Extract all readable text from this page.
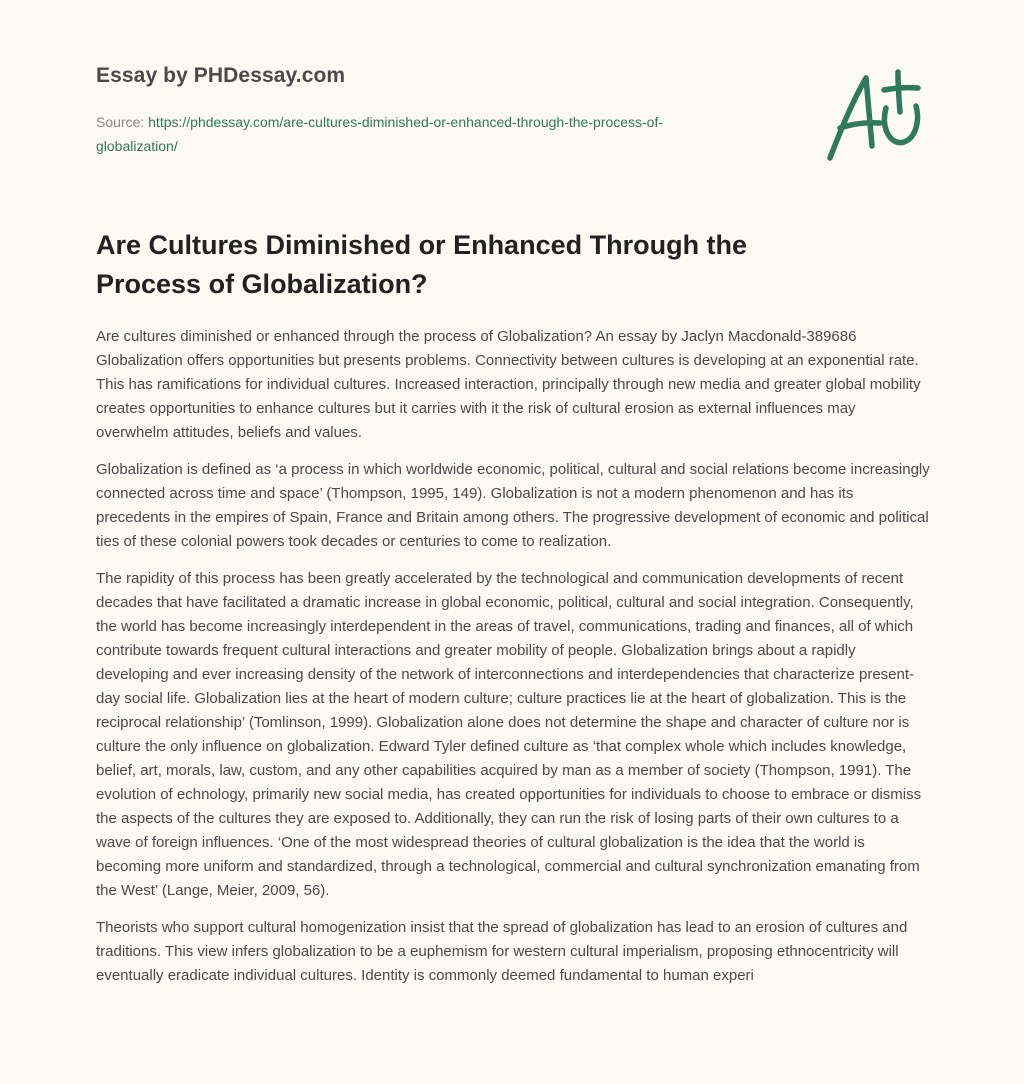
Essay by PHDessay.com
Source: https://phdessay.com/are-cultures-diminished-or-enhanced-through-the-process-of-globalization/
Are Cultures Diminished or Enhanced Through the Process of Globalization?

Are cultures diminished or enhanced through the process of Globalization? An essay by Jaclyn Macdonald-389686 Globalization offers opportunities but presents problems. Connectivity between cultures is developing at an exponential rate. This has ramifications for individual cultures. Increased interaction, principally through new media and greater global mobility creates opportunities to enhance cultures but it carries with it the risk of cultural erosion as external influences may overwhelm attitudes, beliefs and values.

Globalization is defined as ‘a process in which worldwide economic, political, cultural and social relations become increasingly connected across time and space’ (Thompson, 1995, 149). Globalization is not a modern phenomenon and has its precedents in the empires of Spain, France and Britain among others. The progressive development of economic and political ties of these colonial powers took decades or centuries to come to realization.

The rapidity of this process has been greatly accelerated by the technological and communication developments of recent decades that have facilitated a dramatic increase in global economic, political, cultural and social integration. Consequently, the world has become increasingly interdependent in the areas of travel, communications, trading and finances, all of which contribute towards frequent cultural interactions and greater mobility of people. Globalization brings about a rapidly developing and ever increasing density of the network of interconnections and interdependencies that characterize present-day social life. Globalization lies at the heart of modern culture; culture practices lie at the heart of globalization. This is the reciprocal relationship’ (Tomlinson, 1999). Globalization alone does not determine the shape and character of culture nor is culture the only influence on globalization. Edward Tyler defined culture as ‘that complex whole which includes knowledge, belief, art, morals, law, custom, and any other capabilities acquired by man as a member of society (Thompson, 1991). The evolution of echnology, primarily new social media, has created opportunities for individuals to choose to embrace or dismiss the aspects of the cultures they are exposed to. Additionally, they can run the risk of losing parts of their own cultures to a wave of foreign influences. ‘One of the most widespread theories of cultural globalization is the idea that the world is becoming more uniform and standardized, through a technological, commercial and cultural synchronization emanating from the West’ (Lange, Meier, 2009, 56).

Theorists who support cultural homogenization insist that the spread of globalization has lead to an erosion of cultures and traditions. This view infers globalization to be a euphemism for western cultural imperialism, proposing ethnocentricity will eventually eradicate individual cultures. Identity is commonly deemed fundamental to human experi
